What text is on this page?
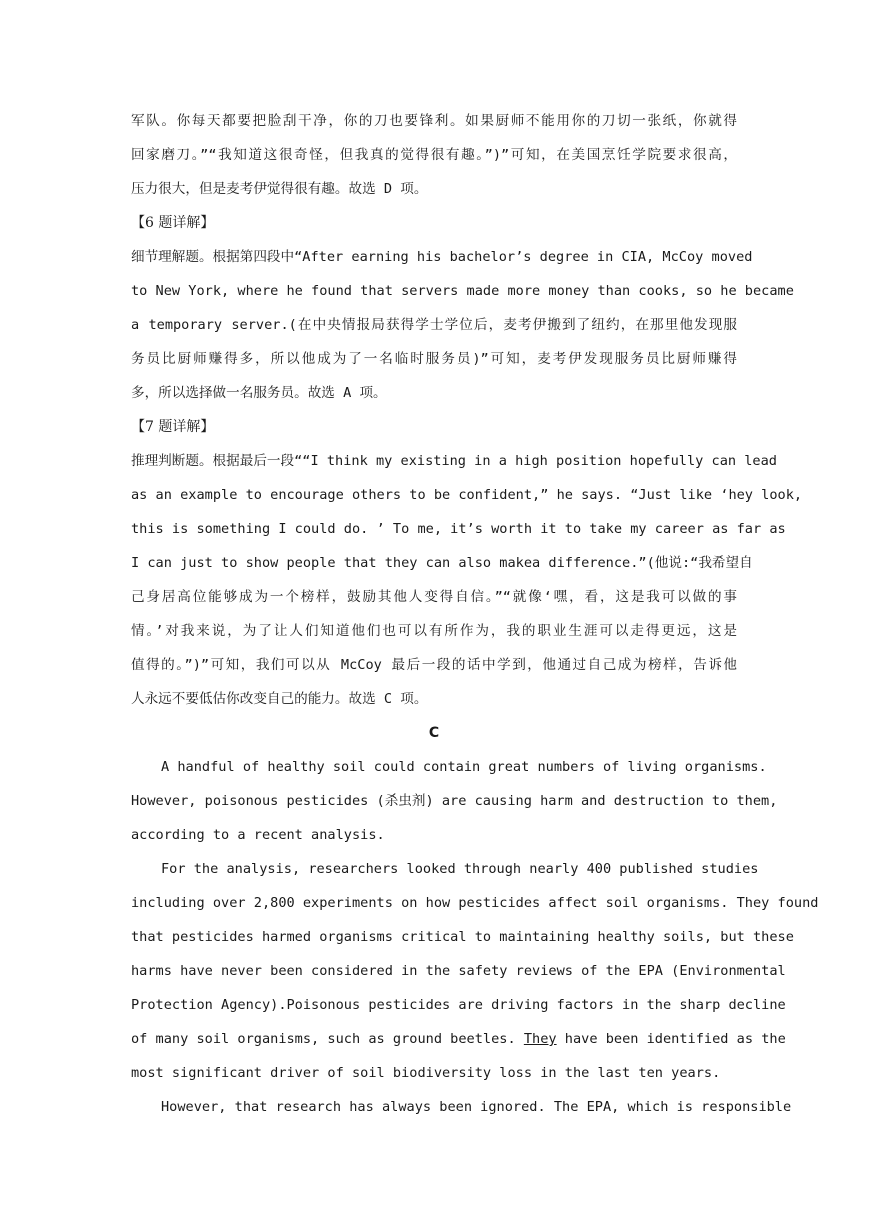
军队。你每天都要把脸刮干净，你的刀也要锋利。如果厨师不能用你的刀切一张纸，你就得
回家磨刀。”“我知道这很奇怪，但我真的觉得很有趣。”)”可知，在美国烹饪学院要求很高，
压力很大，但是麦考伊觉得很有趣。故选 D 项。
【6 题详解】
细节理解题。根据第四段中“After earning his bachelor’s degree in CIA, McCoy moved
to New York, where he found that servers made more money than cooks, so he became
a temporary server.(在中央情报局获得学士学位后，麦考伊搬到了纽约，在那里他发现服
务员比厨师赚得多，所以他成为了一名临时服务员)”可知，麦考伊发现服务员比厨师赚得
多，所以选择做一名服务员。故选 A 项。
【7 题详解】
推理判断题。根据最后一段““I think my existing in a high position hopefully can lead
as an example to encourage others to be confident,” he says. “Just like ‘hey look,
this is something I could do. ’ To me, it’s worth it to take my career as far as
I can just to show people that they can also makea difference.”(他说:“我希望自
己身居高位能够成为一个榜样，鼓励其他人变得自信。”“就像‘嘿，看，这是我可以做的事
情。’对我来说，为了让人们知道他们也可以有所作为，我的职业生涯可以走得更远，这是
值得的。”)”可知，我们可以从 McCoy 最后一段的话中学到，他通过自己成为榜样，告诉他
人永远不要低估你改变自己的能力。故选 C 项。
C
A handful of healthy soil could contain great numbers of living organisms.
However, poisonous pesticides (杀虫剂) are causing harm and destruction to them,
according to a recent analysis.
For the analysis, researchers looked through nearly 400 published studies
including over 2,800 experiments on how pesticides affect soil organisms. They found
that pesticides harmed organisms critical to maintaining healthy soils, but these
harms have never been considered in the safety reviews of the EPA (Environmental
Protection Agency).Poisonous pesticides are driving factors in the sharp decline
of many soil organisms, such as ground beetles. They have been identified as the
most significant driver of soil biodiversity loss in the last ten years.
However, that research has always been ignored. The EPA, which is responsible
